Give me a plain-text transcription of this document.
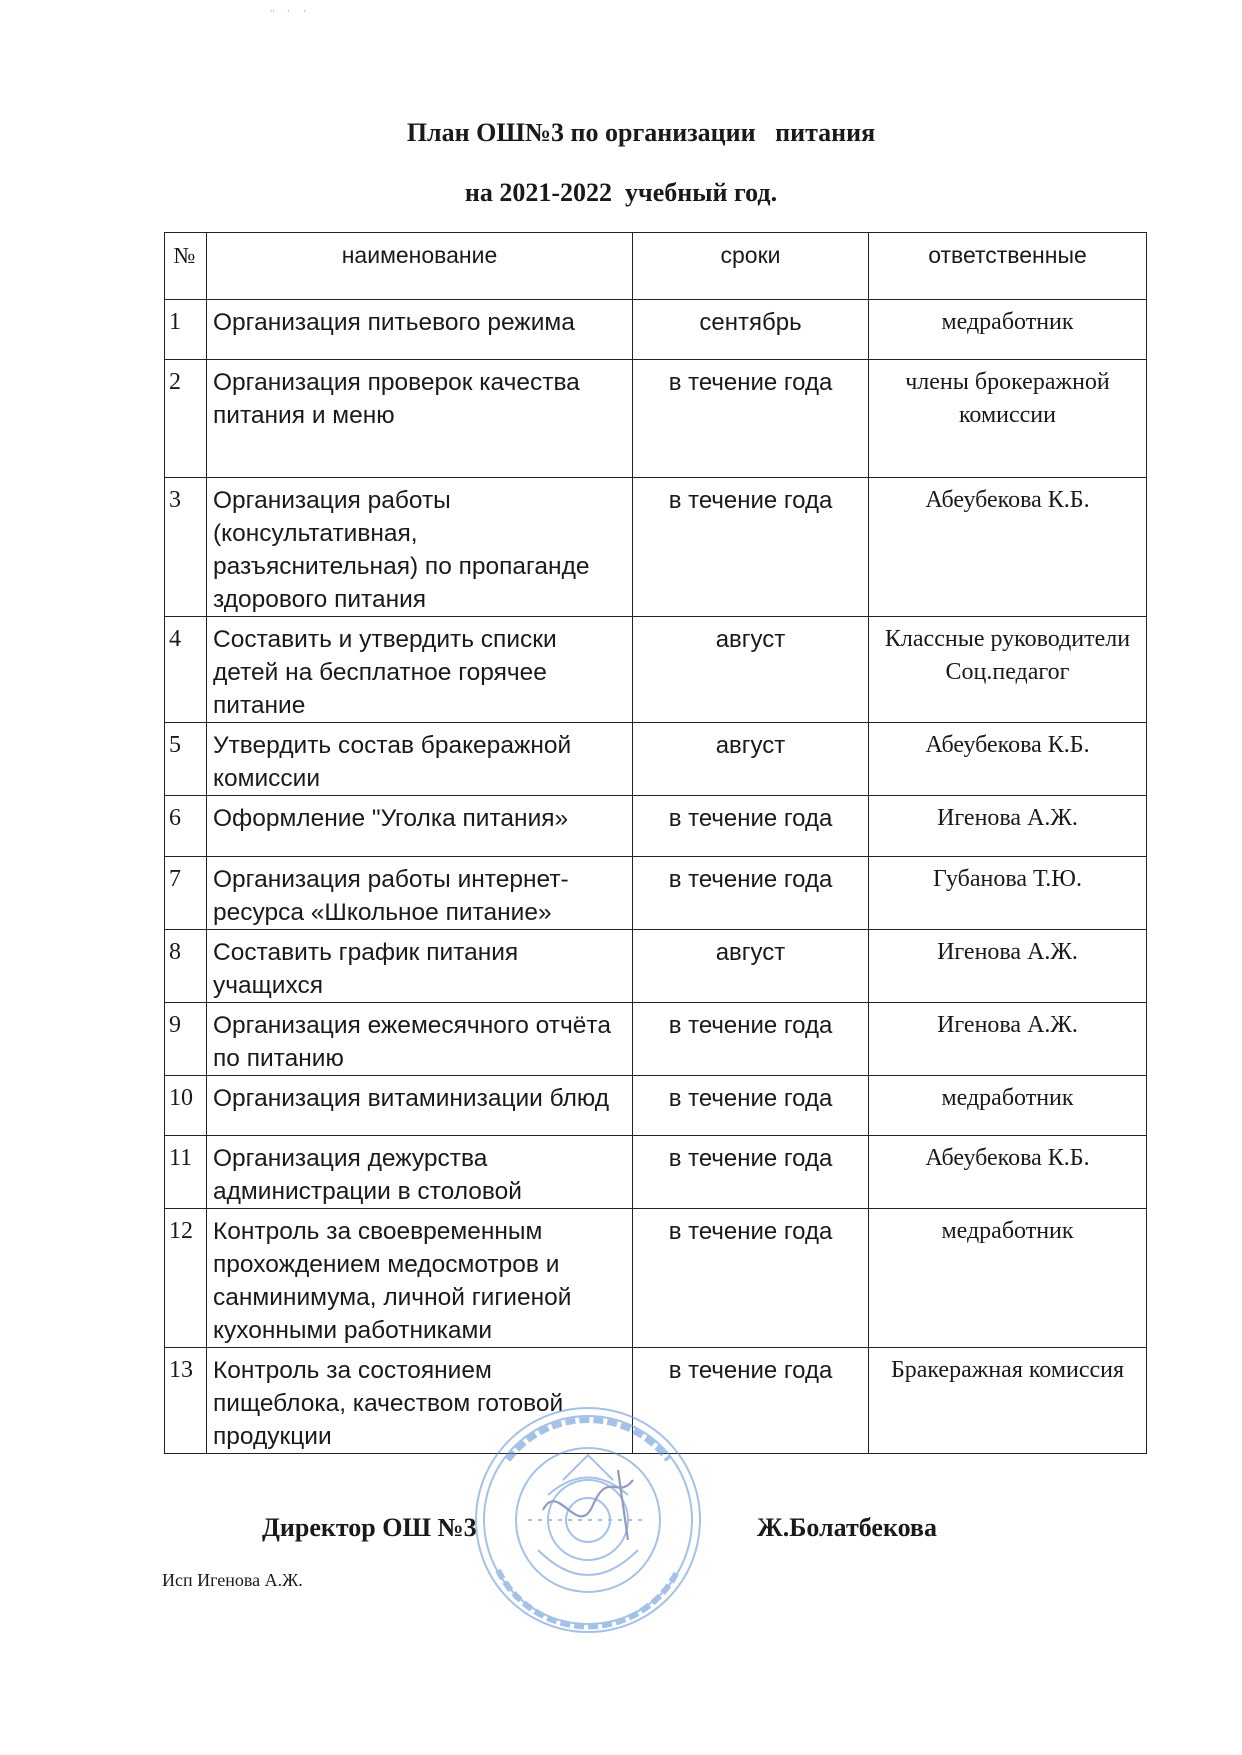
¨ ˙ ˙
План ОШ№3 по организации   питания
на 2021-2022  учебный год.
№	наименование	сроки	ответственные
1	Организация питьевого режима	сентябрь	медработник
2	Организация проверок качества питания и меню	в течение года	члены брокеражной комиссии
3	Организация работы (консультативная, разъяснительная) по пропаганде здорового питания	в течение года	Абеубекова К.Б.
4	Составить и утвердить списки детей на бесплатное горячее питание	август	Классные руководители Соц.педагог
5	Утвердить состав бракеражной комиссии	август	Абеубекова К.Б.
6	Оформление "Уголка питания»	в течение года	Игенова А.Ж.
7	Организация работы интернет-ресурса «Школьное питание»	в течение года	Губанова Т.Ю.
8	Составить график питания учащихся	август	Игенова А.Ж.
9	Организация ежемесячного отчёта по питанию	в течение года	Игенова А.Ж.
10	Организация витаминизации блюд	в течение года	медработник
11	Организация дежурства администрации в столовой	в течение года	Абеубекова К.Б.
12	Контроль за своевременным прохождением медосмотров и санминимума, личной гигиеной кухонными работниками	в течение года	медработник
13	Контроль за состоянием пищеблока, качеством готовой продукции	в течение года	Бракеражная комиссия
Директор ОШ №3	Ж.Болатбекова
Исп Игенова А.Ж.
